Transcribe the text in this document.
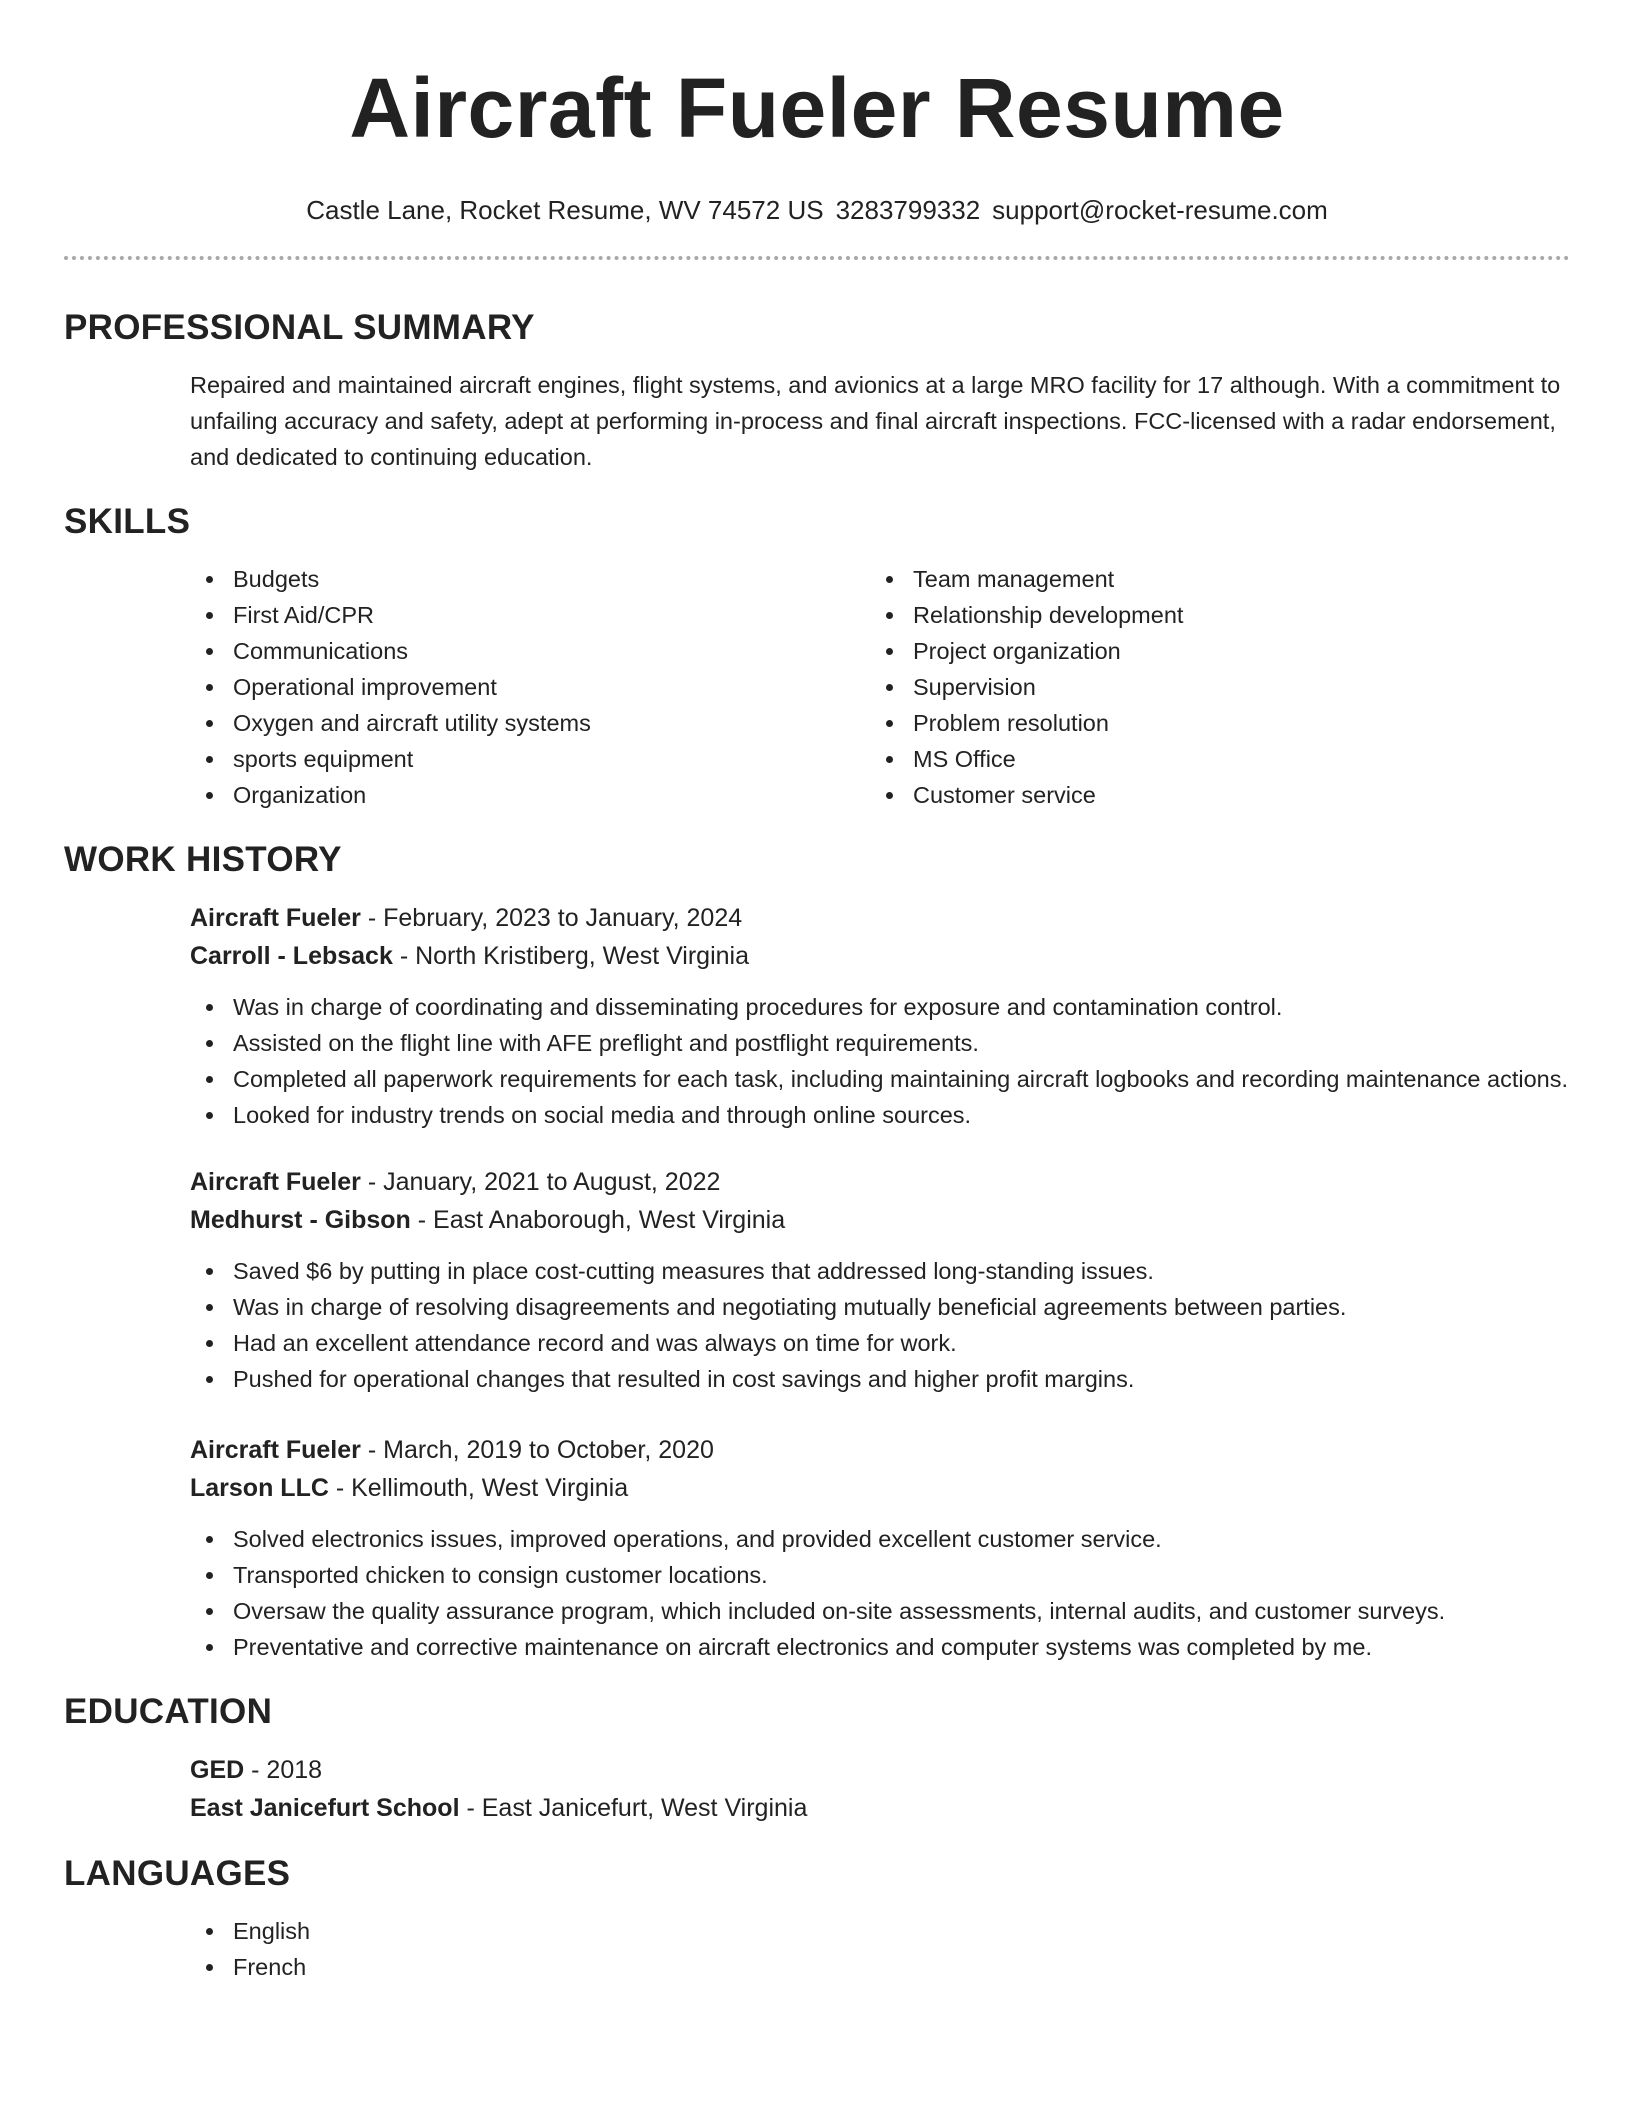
Aircraft Fueler Resume
Castle Lane, Rocket Resume, WV 74572 US 3283799332 support@rocket-resume.com
PROFESSIONAL SUMMARY

Repaired and maintained aircraft engines, flight systems, and avionics at a large MRO facility for 17 although. With a commitment to unfailing accuracy and safety, adept at performing in-process and final aircraft inspections. FCC-licensed with a radar endorsement, and dedicated to continuing education.

SKILLS
Budgets
First Aid/CPR
Communications
Operational improvement
Oxygen and aircraft utility systems
sports equipment
Organization
Team management
Relationship development
Project organization
Supervision
Problem resolution
MS Office
Customer service
WORK HISTORY
Aircraft Fueler - February, 2023 to January, 2024
Carroll - Lebsack - North Kristiberg, West Virginia
Was in charge of coordinating and disseminating procedures for exposure and contamination control.
Assisted on the flight line with AFE preflight and postflight requirements.
Completed all paperwork requirements for each task, including maintaining aircraft logbooks and recording maintenance actions.
Looked for industry trends on social media and through online sources.
Aircraft Fueler - January, 2021 to August, 2022
Medhurst - Gibson - East Anaborough, West Virginia
Saved $6 by putting in place cost-cutting measures that addressed long-standing issues.
Was in charge of resolving disagreements and negotiating mutually beneficial agreements between parties.
Had an excellent attendance record and was always on time for work.
Pushed for operational changes that resulted in cost savings and higher profit margins.
Aircraft Fueler - March, 2019 to October, 2020
Larson LLC - Kellimouth, West Virginia
Solved electronics issues, improved operations, and provided excellent customer service.
Transported chicken to consign customer locations.
Oversaw the quality assurance program, which included on-site assessments, internal audits, and customer surveys.
Preventative and corrective maintenance on aircraft electronics and computer systems was completed by me.
EDUCATION
GED - 2018
East Janicefurt School - East Janicefurt, West Virginia
LANGUAGES
English
French
